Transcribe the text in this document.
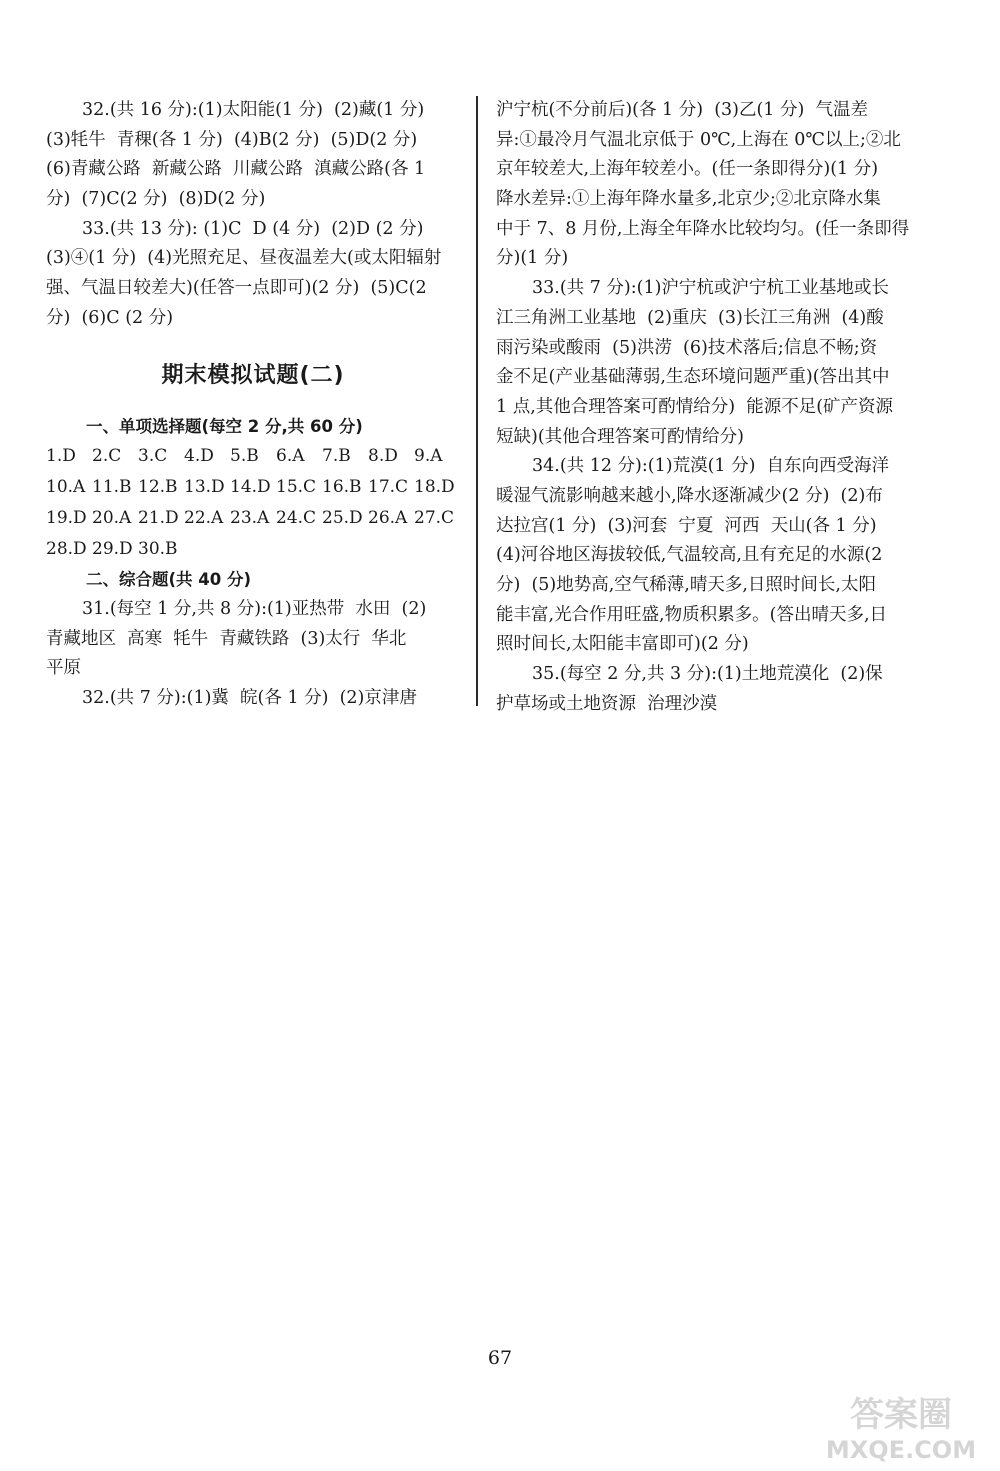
32.(共 16 分):(1)太阳能(1 分)  (2)藏(1 分)
(3)牦牛  青稞(各 1 分)  (4)B(2 分)  (5)D(2 分)
(6)青藏公路  新藏公路  川藏公路  滇藏公路(各 1
分)  (7)C(2 分)  (8)D(2 分)
33.(共 13 分): (1)C  D (4 分)  (2)D (2 分)
(3)④(1 分)  (4)光照充足、昼夜温差大(或太阳辐射
强、气温日较差大)(任答一点即可)(2 分)  (5)C(2
分)  (6)C (2 分)
期末模拟试题(二)
一、单项选择题(每空 2 分,共 60 分)
1.D 2.C 3.C 4.D 5.B	6.A	7.B	8.D 9.A
10.A 11.B 12.B 13.D 14.D 15.C 16.B 17.C 18.D
19.D 20.A 21.D 22.A 23.A 24.C 25.D 26.A 27.C
28.D 29.D 30.B
二、综合题(共 40 分)
31.(每空 1 分,共 8 分):(1)亚热带  水田  (2)
青藏地区  高寒  牦牛  青藏铁路  (3)太行  华北
平原
32.(共 7 分):(1)冀  皖(各 1 分)  (2)京津唐
沪宁杭(不分前后)(各 1 分)  (3)乙(1 分)  气温差
异:①最冷月气温北京低于 0℃,上海在 0℃以上;②北
京年较差大,上海年较差小。(任一条即得分)(1 分)
降水差异:①上海年降水量多,北京少;②北京降水集
中于 7、8 月份,上海全年降水比较均匀。(任一条即得
分)(1 分)
33.(共 7 分):(1)沪宁杭或沪宁杭工业基地或长
江三角洲工业基地  (2)重庆  (3)长江三角洲  (4)酸
雨污染或酸雨  (5)洪涝  (6)技术落后;信息不畅;资
金不足(产业基础薄弱,生态环境问题严重)(答出其中
1 点,其他合理答案可酌情给分)  能源不足(矿产资源
短缺)(其他合理答案可酌情给分)
34.(共 12 分):(1)荒漠(1 分)  自东向西受海洋
暖湿气流影响越来越小,降水逐渐减少(2 分)  (2)布
达拉宫(1 分)  (3)河套  宁夏  河西  天山(各 1 分)
(4)河谷地区海拔较低,气温较高,且有充足的水源(2
分)  (5)地势高,空气稀薄,晴天多,日照时间长,太阳
能丰富,光合作用旺盛,物质积累多。(答出晴天多,日
照时间长,太阳能丰富即可)(2 分)
35.(每空 2 分,共 3 分):(1)土地荒漠化  (2)保
护草场或土地资源  治理沙漠
67
答案圈
MXQE.COM
